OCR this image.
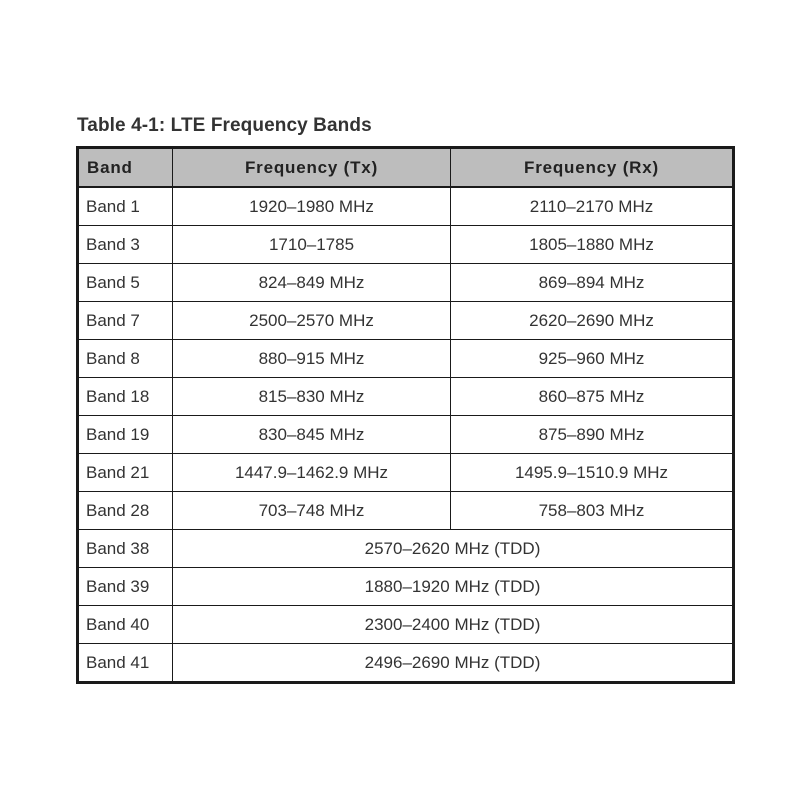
Table 4-1: LTE Frequency Bands
Band	Frequency (Tx)	Frequency (Rx)
Band 1	1920–1980 MHz	2110–2170 MHz
Band 3	1710–1785	1805–1880 MHz
Band 5	824–849 MHz	869–894 MHz
Band 7	2500–2570 MHz	2620–2690 MHz
Band 8	880–915 MHz	925–960 MHz
Band 18	815–830 MHz	860–875 MHz
Band 19	830–845 MHz	875–890 MHz
Band 21	1447.9–1462.9 MHz	1495.9–1510.9 MHz
Band 28	703–748 MHz	758–803 MHz
Band 38	2570–2620 MHz (TDD)	
Band 39	1880–1920 MHz (TDD)	
Band 40	2300–2400 MHz (TDD)	
Band 41	2496–2690 MHz (TDD)	
